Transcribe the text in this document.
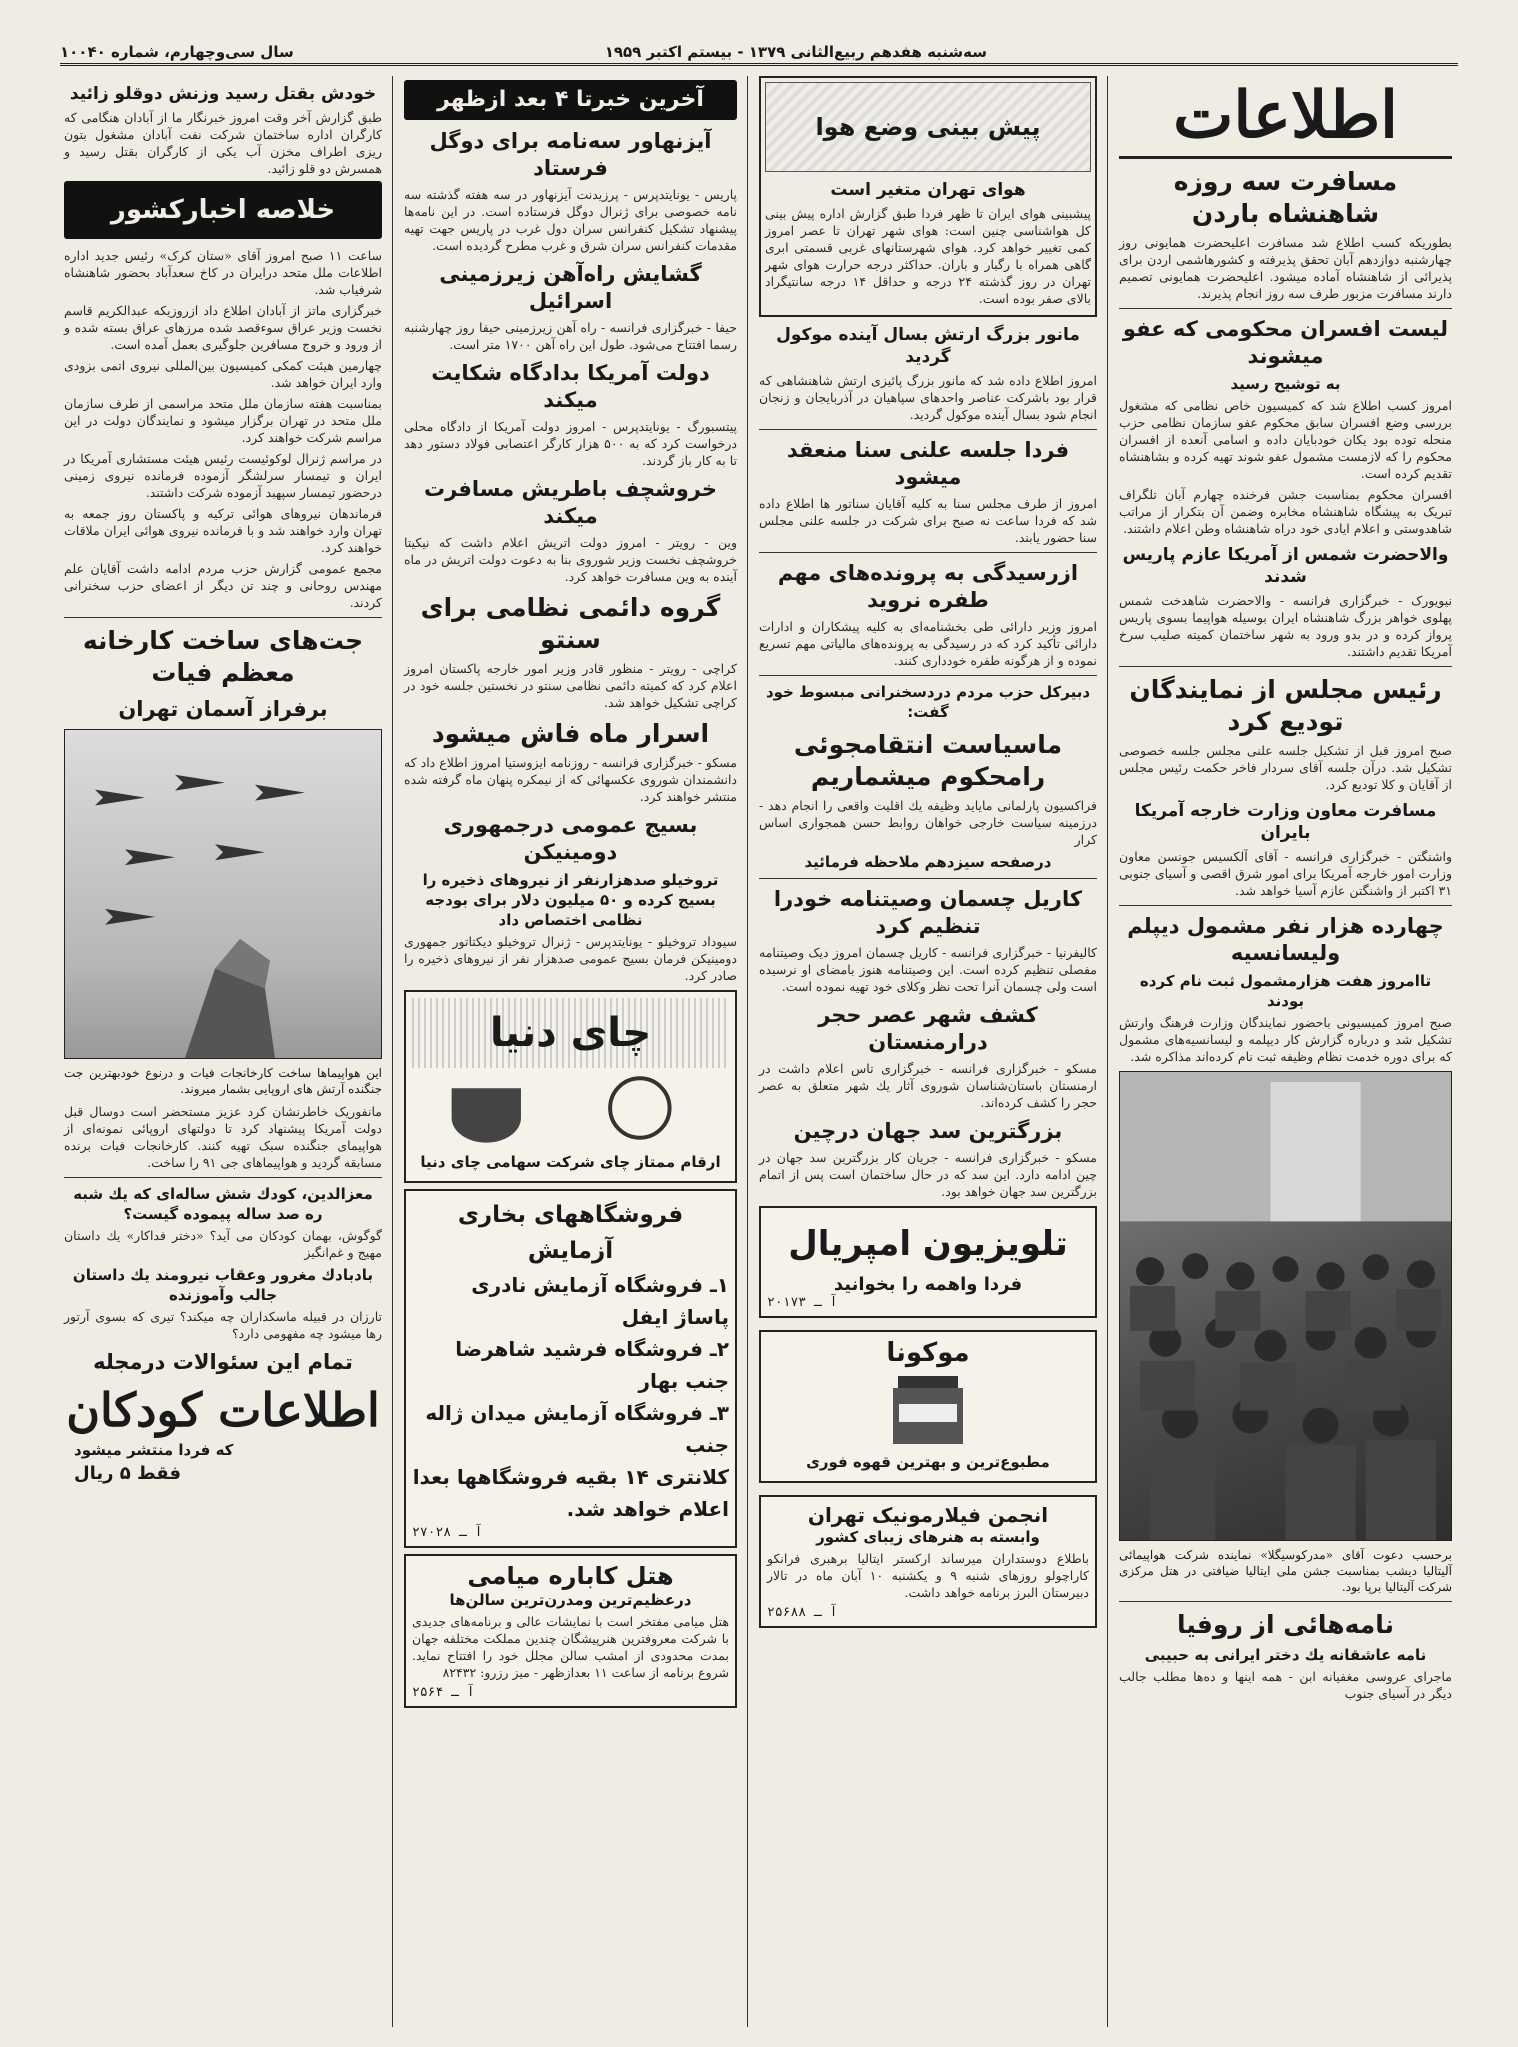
سه‌شنبه هفدهم ربیع‌الثانی ۱۳۷۹ - بیستم اکتبر ۱۹۵۹
سال سی‌وچهارم، شماره ۱۰۰۴۰
اطلاعات
مسافرت سه روزه شاهنشاه باردن
بطوریکه کسب اطلاع شد مسافرت اعلیحضرت همایونی روز چهارشنبه دوازدهم آبان تحقق پذیرفته و کشورهاشمی اردن برای پذیرائی از شاهنشاه آماده میشود. اعلیحضرت همایونی تصمیم دارند مسافرت مزبور طرف سه روز انجام پذیرند.
لیست افسران محکومی که عفو میشوند
به توشیح رسید
امروز کسب اطلاع شد که کمیسیون خاص نظامی که مشغول بررسی وضع افسران سابق محکوم عفو سازمان نظامی حزب منحله توده بود یکان خودبایان داده و اسامی آنعده از افسران محکوم را که لازمست مشمول عفو شوند تهیه کرده و بشاهنشاه تقدیم کرده است.
افسران محکوم بمناسبت جشن فرخنده چهارم آبان تلگراف تبریک به پیشگاه شاهنشاه مخابره وضمن آن بتکرار از مراتب شاهدوستی و اعلام ایادی خود دراه شاهنشاه وطن اعلام داشتند.
والاحضرت شمس از آمریکا عازم پاریس شدند
نیویورک - خبرگزاری فرانسه - والاحضرت شاهدخت شمس پهلوی خواهر بزرگ شاهنشاه ایران بوسیله هواپیما بسوی پاریس پرواز کرده و در بدو ورود به شهر ساختمان کمیته صلیب سرخ آمریکا تقدیم داشتند.
رئیس مجلس از نمایندگان تودیع کرد
صبح امروز قبل از تشکیل جلسه علنی مجلس جلسه خصوصی تشکیل شد. درآن جلسه آقای سردار فاخر حکمت رئیس مجلس از آقایان و کلا تودیع کرد.
مسافرت معاون وزارت خارجه آمریکا بایران
واشنگتن - خبرگزاری فرانسه - آقای آلکسیس جونسن معاون وزارت امور خارجه آمریکا برای امور شرق اقصی و آسیای جنوبی ۳۱ اکتبر از واشنگتن عازم آسیا خواهد شد.
چهارده هزار نفر مشمول دیپلم ولیسانسیه
تاامروز هفت هزارمشمول ثبت نام کرده بودند
صبح امروز کمیسیونی باحضور نمایندگان وزارت فرهنگ وارتش تشکیل شد و درباره گزارش کار دیپلمه و لیسانسیه‌های مشمول که برای دوره خدمت نظام وظیفه ثبت نام کرده‌اند مذاکره شد.
برحسب دعوت آقای «مدرکوسیگلا» نماینده شرکت هواپیمائی آلیتالیا دیشب بمناسبت جشن ملی ایتالیا ضیافتی در هتل مرکزی شرکت آلیتالیا برپا بود.
نامه‌هائی از روفیا
نامه عاشقانه یك دختر ایرانی به حبیبی
ماجرای عروسی مغفیانه ابن - همه اینها و ده‌ها مطلب جالب دیگر در آسیای جنوب
پیش بینی وضع هوا
هوای تهران متغیر است
پیشبینی هوای ایران تا ظهر فردا طبق گزارش اداره پیش بینی کل هواشناسی چنین است: هوای شهر تهران تا عصر امروز کمی تغییر خواهد کرد. هوای شهرستانهای غربی قسمتی ابری گاهی همراه با رگبار و باران. حداکثر درجه حرارت هوای شهر تهران در روز گذشته ۲۴ درجه و حداقل ۱۴ درجه سانتیگراد بالای صفر بوده است.
مانور بزرگ ارتش بسال آینده موکول گردید
امروز اطلاع داده شد که مانور بزرگ پائیزی ارتش شاهنشاهی که قرار بود باشرکت عناصر واحدهای سپاهیان در آذربایجان و زنجان انجام شود بسال آینده موکول گردید.
فردا جلسه علنی سنا منعقد میشود
امروز از طرف مجلس سنا به کلیه آقایان سناتور ها اطلاع داده شد که فردا ساعت نه صبح برای شرکت در جلسه علنی مجلس سنا حضور یابند.
ازرسیدگی به پرونده‌های مهم طفره نروید
امروز وزیر دارائی طی بخشنامه‌ای به کلیه پیشکاران و ادارات دارائی تأکید کرد که در رسیدگی به پرونده‌های مالیاتی مهم تسریع نموده و از هرگونه طفره خودداری کنند.
دبیرکل حزب مردم دردسخنرانی مبسوط خود گفت:
ماسیاست انتقامجوئی رامحکوم میشماریم
فراکسیون پارلمانی مایاید وظیفه یك اقلیت واقعی را انجام دهد - درزمینه سیاست خارجی خواهان روابط حسن همجواری اساس کرار
درصفحه سیزدهم ملاحظه فرمائید
کاریل چسمان وصیتنامه خودرا تنظیم کرد
کالیفرنیا - خبرگزاری فرانسه - کاریل چسمان امروز دیک وصیتنامه مفصلی تنظیم کرده است. این وصیتنامه هنوز بامضای او نرسیده است ولی چسمان آنرا تحت نظر وکلای خود تهیه نموده است.
کشف شهر عصر حجر درارمنستان
مسکو - خبرگزاری فرانسه - خبرگزاری تاس اعلام داشت در ارمنستان باستان‌شناسان شوروی آثار یك شهر متعلق به عصر حجر را کشف کرده‌اند.
بزرگترین سد جهان درچین
مسکو - خبرگزاری فرانسه - جریان کار بزرگترین سد جهان در چین ادامه دارد. این سد که در حال ساختمان است پس از اتمام بزرگترین سد جهان خواهد بود.
تلویزیون امپریال
فردا واهمه را بخوانید
آ ـ ۲۰۱۷۳
موکونا
مطبوع‌ترین و بهترین قهوه فوری
انجمن فیلارمونیک تهران
وابسته به هنرهای زیبای کشور
باطلاع دوستداران میرساند ارکستر ایتالیا برهبری فرانکو کاراچولو روزهای شنبه ۹ و یکشنبه ۱۰ آبان ماه در تالار دبیرستان البرز برنامه خواهد داشت.
آ ـ ۲۵۶۸۸
آخرین خبرتا ۴ بعد ازظهر
آیزنهاور سه‌نامه برای دوگل فرستاد
پاریس - یونایتدپرس - پرزیدنت آیزنهاور در سه هفته گذشته سه نامه خصوصی برای ژنرال دوگل فرستاده است. در این نامه‌ها پیشنهاد تشکیل کنفرانس سران دول غرب در پاریس جهت تهیه مقدمات کنفرانس سران شرق و غرب مطرح گردیده است.
گشایش راه‌آهن زیرزمینی اسرائیل
حیفا - خبرگزاری فرانسه - راه آهن زیرزمینی حیفا روز چهارشنبه رسما افتتاح می‌شود. طول این راه آهن ۱۷۰۰ متر است.
دولت آمریکا بدادگاه شکایت میکند
پیتسبورگ - یونایتدپرس - امروز دولت آمریکا از دادگاه محلی درخواست کرد که به ۵۰۰ هزار کارگر اعتصابی فولاد دستور دهد تا به کار باز گردند.
خروشچف باطریش مسافرت میکند
وین - رویتر - امروز دولت اتریش اعلام داشت که نیکیتا خروشچف نخست وزیر شوروی بنا به دعوت دولت اتریش در ماه آینده به وین مسافرت خواهد کرد.
گروه دائمی نظامی برای سنتو
کراچی - رویتر - منظور قادر وزیر امور خارجه پاکستان امروز اعلام کرد که کمیته دائمی نظامی سنتو در نخستین جلسه خود در کراچی تشکیل خواهد شد.
اسرار ماه فاش میشود
مسکو - خبرگزاری فرانسه - روزنامه ایزوستیا امروز اطلاع داد که دانشمندان شوروی عکسهائی که از نیمکره پنهان ماه گرفته شده منتشر خواهند کرد.
بسیج عمومی درجمهوری دومینیکن
تروخیلو صدهزارنفر از نیروهای ذخیره را بسیج کرده و ۵۰ میلیون دلار برای بودجه نظامی اختصاص داد
سیوداد تروخیلو - یونایتدپرس - ژنرال تروخیلو دیکتاتور جمهوری دومینیکن فرمان بسیج عمومی صدهزار نفر از نیروهای ذخیره را صادر کرد.
چای دنیا
ارقام ممتاز چای شرکت سهامی چای دنیا
فروشگاههای بخاری آزمایش
۱ـ فروشگاه آزمایش نادری پاساژ ایفل
۲ـ فروشگاه فرشید شاهرضا جنب بهار
۳ـ فروشگاه آزمایش میدان ژاله جنب
کلانتری ۱۴ بقیه فروشگاهها بعدا اعلام خواهد شد.
آ ـ ۲۷۰۲۸
هتل کاباره میامی
درعظیم‌ترین ومدرن‌ترین سالن‌ها
هتل میامی مفتخر است با نمایشات عالی و برنامه‌های جدیدی با شرکت معروفترین هنرپیشگان چندین مملکت مختلفه جهان بمدت محدودی از امشب سالن مجلل خود را افتتاح نماید. شروع برنامه از ساعت ۱۱ بعدازظهر - میز رزرو: ۸۲۴۳۲
آ ـ ۲۵۶۴
خودش بقتل رسید وزنش دوقلو زائید
طبق گزارش آخر وقت امروز خبرنگار ما از آبادان هنگامی که کارگران اداره ساختمان شرکت نفت آبادان مشغول بتون ریزی اطراف مخزن آب یکی از کارگران بقتل رسید و همسرش دو قلو زائید.
خلاصه اخبارکشور
ساعت ۱۱ صبح امروز آقای «ستان کرک» رئیس جدید اداره اطلاعات ملل متحد درایران در کاخ سعدآباد بحضور شاهنشاه شرفیاب شد.
خبرگزاری ماتز از آبادان اطلاع داد ازروزیکه عبدالکریم قاسم نخست وزیر عراق سوءقصد شده مرزهای عراق بسته شده و از ورود و خروج مسافرین جلوگیری بعمل آمده است.
چهارمین هیئت کمکی کمیسیون بین‌المللی نیروی اتمی بزودی وارد ایران خواهد شد.
بمناسبت هفته سازمان ملل متحد مراسمی از طرف سازمان ملل متحد در تهران برگزار میشود و نمایندگان دولت در این مراسم شرکت خواهند کرد.
در مراسم ژنرال لوکوئیست رئیس هیئت مستشاری آمریکا در ایران و تیمسار سرلشگر آزموده فرمانده نیروی زمینی درحضور تیمسار سپهبد آزموده شرکت داشتند.
فرماندهان نیروهای هوائی ترکیه و پاکستان روز جمعه به تهران وارد خواهند شد و با فرمانده نیروی هوائی ایران ملاقات خواهند کرد.
مجمع عمومی گزارش حزب مردم ادامه داشت آقایان علم مهندس روحانی و چند تن دیگر از اعضای حزب سخنرانی کردند.
جت‌های ساخت کارخانه معظم فیات
برفراز آسمان تهران
این هواپیماها ساخت کارخانجات فیات و درنوع خودبهترین جت جنگنده آرتش های اروپایی بشمار میروند.
مانفوریک خاطرنشان کرد عزیز مستحضر است دوسال قبل دولت آمریکا پیشنهاد کرد تا دولتهای اروپائی نمونه‌ای از هواپیمای جنگنده سبک تهیه کنند. کارخانجات فیات برنده مسابقه گردید و هواپیماهای جی ۹۱ را ساخت.
معزالدین، کودك شش ساله‌ای که یك شبه ره صد ساله پیموده گیست؟
گوگوش، بهمان کودکان می آید؟ «دختر فداکار» یك داستان مهیج و غم‌انگیز
بادبادك مغرور وعقاب نیرومند یك داستان جالب وآموزنده
تارزان در قبیله ماسکداران چه میکند؟ تیری که بسوی آرتور رها میشود چه مفهومی دارد؟
تمام این سئوالات درمجله
اطلاعات کودکان
که فردا منتشر میشود
فقط ۵ ریال
